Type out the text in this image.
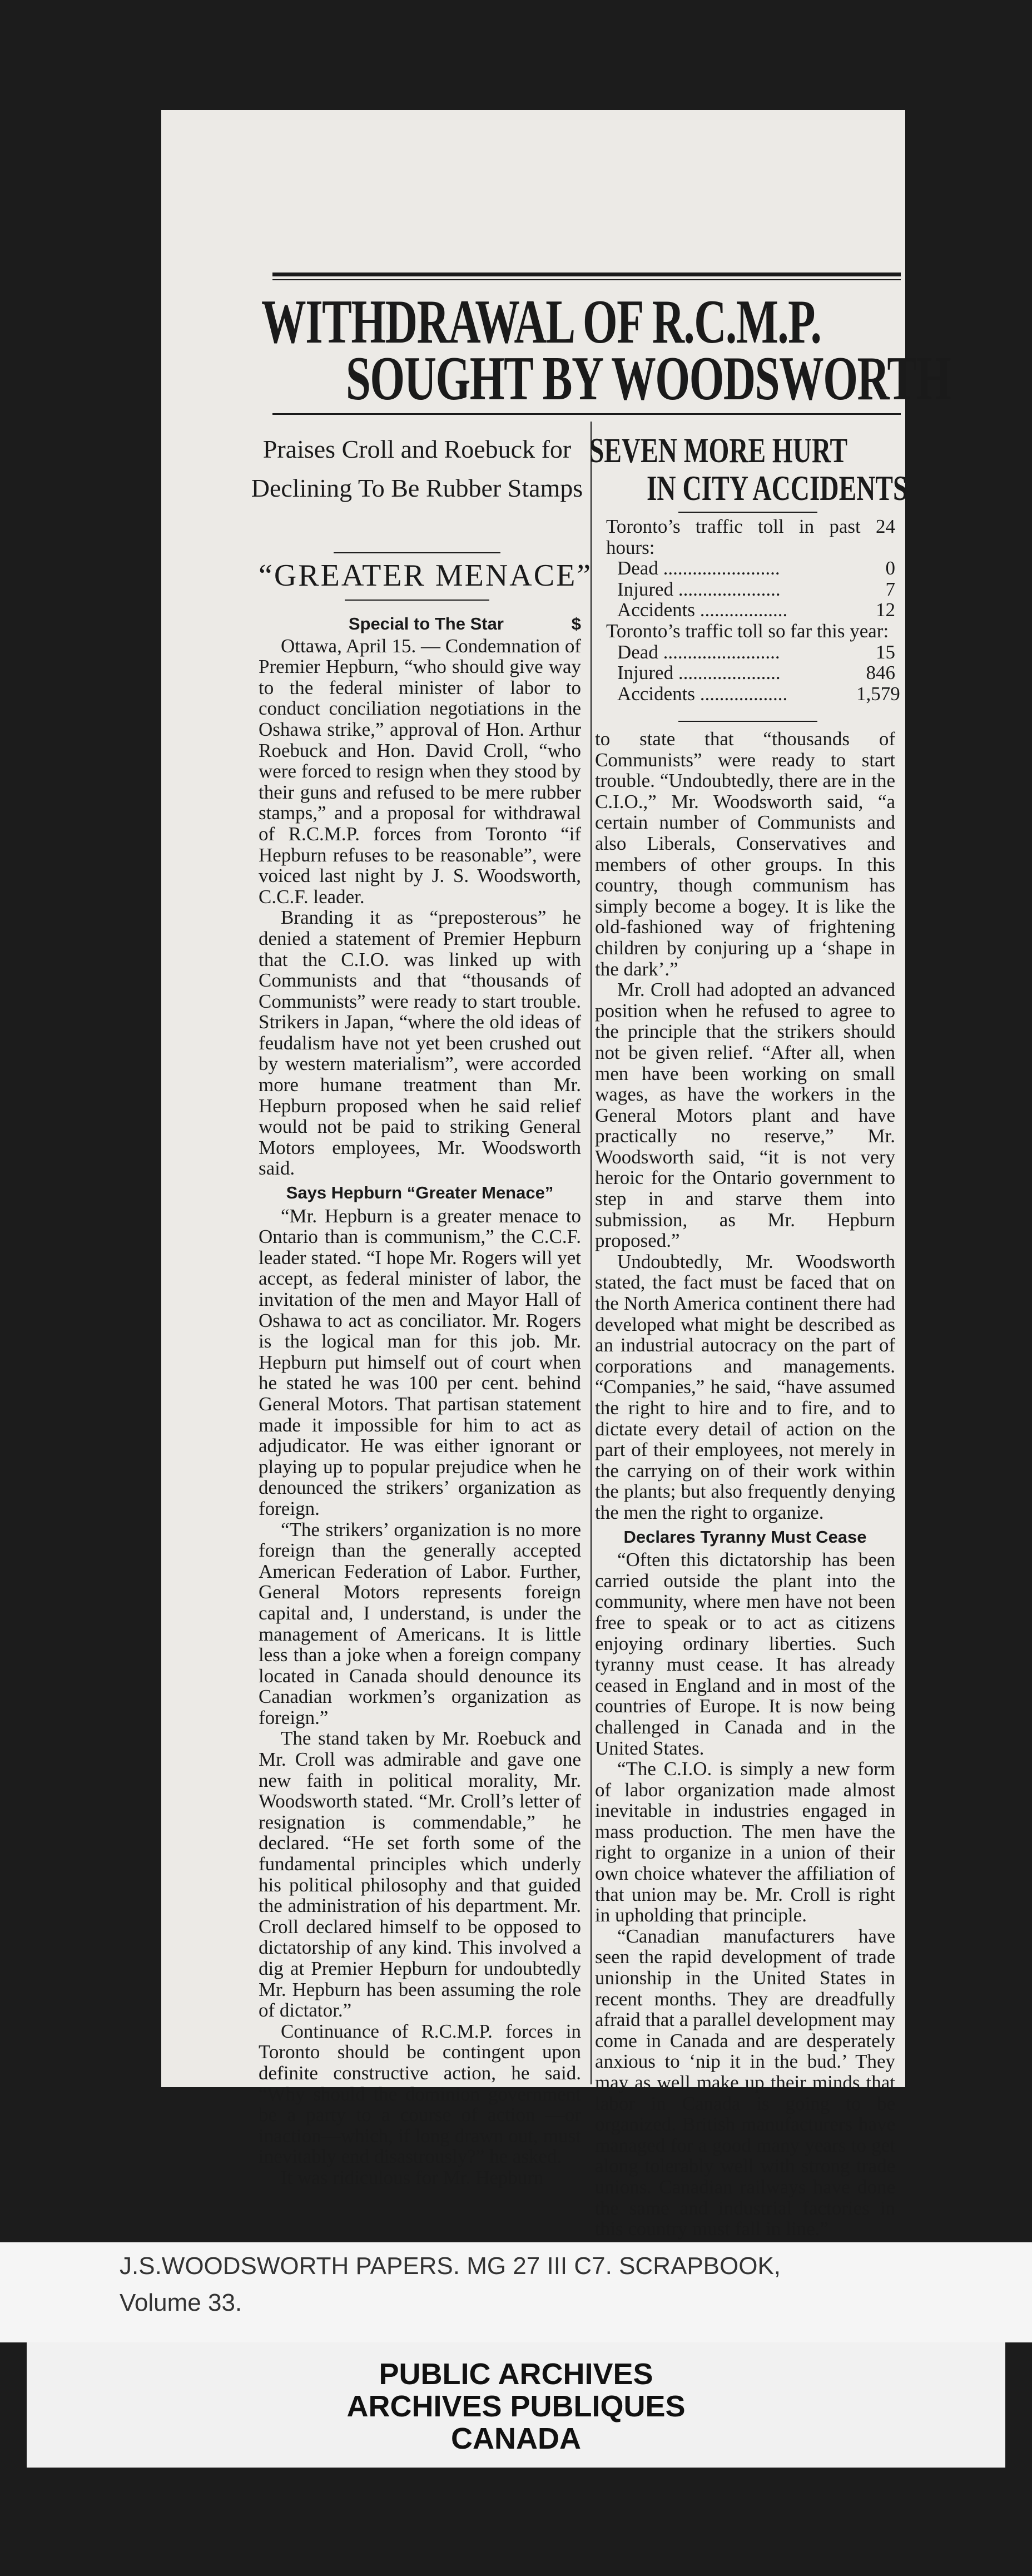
WITHDRAWAL OF R.C.M.P.
SOUGHT BY WOODSWORTH
Praises Croll and Roebuck for Declining To Be Rubber Stamps
“GREATER MENACE”
Special to The Star	$

Ottawa, April 15. — Condemnation of Premier Hepburn, “who should give way to the federal minister of labor to conduct conciliation negotiations in the Oshawa strike,” approval of Hon. Arthur Roebuck and Hon. David Croll, “who were forced to resign when they stood by their guns and refused to be mere rubber stamps,” and a proposal for withdrawal of R.C.M.P. forces from Toronto “if Hepburn refuses to be reasonable”, were voiced last night by J. S. Woodsworth, C.C.F. leader.

Branding it as “preposterous” he denied a statement of Premier Hepburn that the C.I.O. was linked up with Communists and that “thousands of Communists” were ready to start trouble. Strikers in Japan, “where the old ideas of feudalism have not yet been crushed out by western materialism”, were accorded more humane treatment than Mr. Hepburn proposed when he said relief would not be paid to striking General Motors employees, Mr. Woodsworth said.

Says Hepburn “Greater Menace”

“Mr. Hepburn is a greater menace to Ontario than is communism,” the C.C.F. leader stated. “I hope Mr. Rogers will yet accept, as federal minister of labor, the invitation of the men and Mayor Hall of Oshawa to act as conciliator. Mr. Rogers is the logical man for this job. Mr. Hepburn put himself out of court when he stated he was 100 per cent. behind General Motors. That partisan statement made it impossible for him to act as adjudicator. He was either ignorant or playing up to popular prejudice when he denounced the strikers’ organization as foreign.

“The strikers’ organization is no more foreign than the generally accepted American Federation of Labor. Further, General Motors represents foreign capital and, I understand, is under the management of Americans. It is little less than a joke when a foreign company located in Canada should denounce its Canadian workmen’s organization as foreign.”

The stand taken by Mr. Roebuck and Mr. Croll was admirable and gave one new faith in political morality, Mr. Woodsworth stated. “Mr. Croll’s letter of resignation is commendable,” he declared. “He set forth some of the fundamental principles which underly his political philosophy and that guided the administration of his department. Mr. Croll declared himself to be opposed to dictatorship of any kind. This involved a dig at Premier Hepburn for undoubtedly Mr. Hepburn has been assuming the role of dictator.”

Continuance of R.C.M.P. forces in Toronto should be contingent upon definite constructive action, he said. “Why should the dominion government be a party to a course of action —or inaction—which, if long drawn out, must inevitably end disastrously?” he asked.

It was ridiculous for Mr. Hepburn

SEVEN MORE HURT
IN CITY ACCIDENTS
Toronto’s traffic toll in past 24 hours:
Dead ........................	0
Injured .....................	7
Accidents ..................	12
Toronto’s traffic toll so far this year:
Dead ........................	15
Injured .....................	846
Accidents ..................	1,579

to state that “thousands of Communists” were ready to start trouble. “Undoubtedly, there are in the C.I.O.,” Mr. Woodsworth said, “a certain number of Communists and also Liberals, Conservatives and members of other groups. In this country, though communism has simply become a bogey. It is like the old-fashioned way of frightening children by conjuring up a ‘shape in the dark’.”

Mr. Croll had adopted an advanced position when he refused to agree to the principle that the strikers should not be given relief. “After all, when men have been working on small wages, as have the workers in the General Motors plant and have practically no reserve,” Mr. Woodsworth said, “it is not very heroic for the Ontario government to step in and starve them into submission, as Mr. Hepburn proposed.”

Undoubtedly, Mr. Woodsworth stated, the fact must be faced that on the North America continent there had developed what might be described as an industrial autocracy on the part of corporations and managements. “Companies,” he said, “have assumed the right to hire and to fire, and to dictate every detail of action on the part of their employees, not merely in the carrying on of their work within the plants; but also frequently denying the men the right to organize.

Declares Tyranny Must Cease

“Often this dictatorship has been carried outside the plant into the community, where men have not been free to speak or to act as citizens enjoying ordinary liberties. Such tyranny must cease. It has already ceased in England and in most of the countries of Europe. It is now being challenged in Canada and in the United States.

“The C.I.O. is simply a new form of labor organization made almost inevitable in industries engaged in mass production. The men have the right to organize in a union of their own choice whatever the affiliation of that union may be. Mr. Croll is right in upholding that principle.

“Canadian manufacturers have seen the rapid development of trade unionship in the United States in recent months. They are dreadfully afraid that a parallel development may come in Canada and are desperately anxious to ‘nip it in the bud.’ They may as well make up their minds that labor in Canada is going to be organized. British manufacturers have managed for a good many years to get along tolerably well with strong trade unions. Canadian railways have done the same and industrial factories in this country must fall in line.”

J.S.WOODSWORTH PAPERS. MG 27 III C7. SCRAPBOOK,
Volume 33.
PUBLIC ARCHIVES
ARCHIVES PUBLIQUES
CANADA
